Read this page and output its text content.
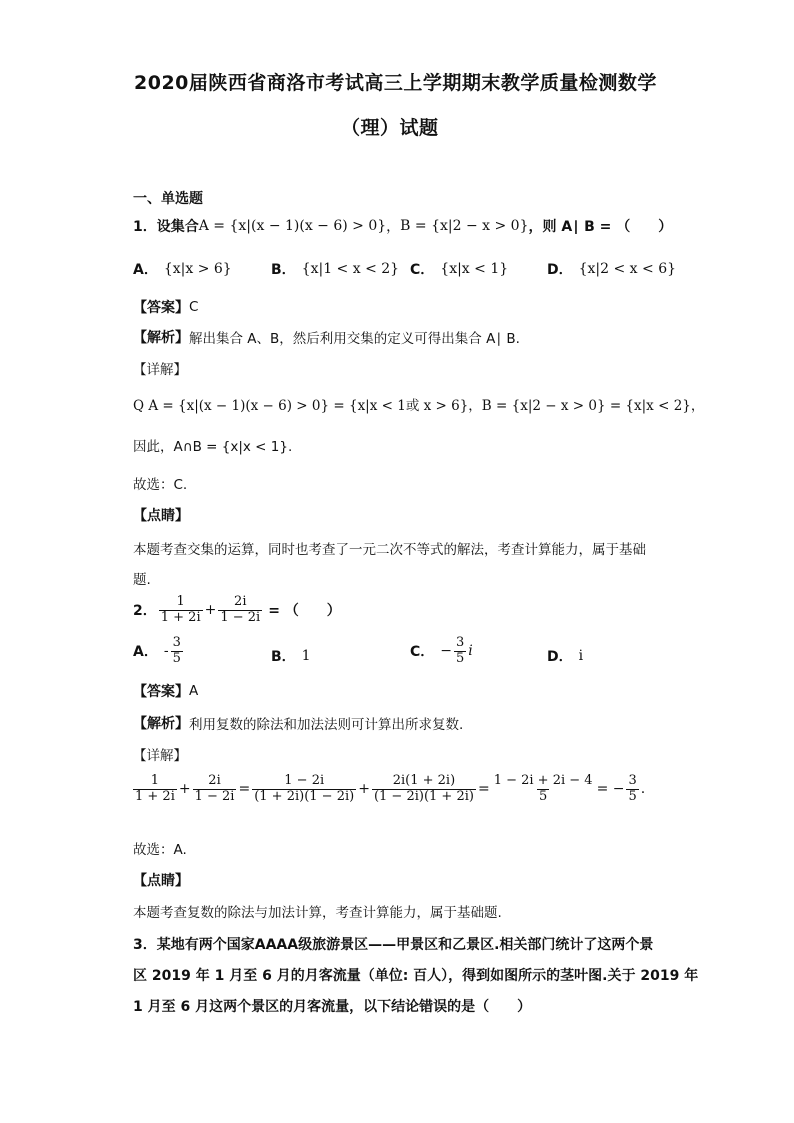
2020届陕西省商洛市考试高三上学期期末教学质量检测数学
（理）试题
一、单选题
1．设集合 A = {x|(x − 1)(x − 6) > 0} ， B = {x|2 − x > 0} ，则 A∣ B = （　　）
A． {x|x > 6}	B． {x|1 < x < 2} C． {x|x < 1}	D． {x|2 < x < 6}
【答案】 C
【解析】 解出集合 A、B，然后利用交集的定义可得出集合 A∣ B.
【详解】
Q A = {x|(x − 1)(x − 6) > 0} = {x|x < 1或 x > 6}，B = {x|2 − x > 0} = {x|x < 2}，
因此，A∩B = {x|x < 1}.
故选：C.
【点睛】
本题考查交集的运算，同时也考查了一元二次不等式的解法，考查计算能力，属于基础
题.
2． $\frac{1}{1 + 2i} + \frac{2i}{1 - 2i}$ = （　　）
A． - $\frac{3}{5}$	B． 1	C． − $\frac{3}{5}$ i	D． i
【答案】 A
【解析】 利用复数的除法和加法法则可计算出所求复数.
【详解】
$\frac{1}{1 + 2i} + \frac{2i}{1 - 2i} = \frac{1 - 2i}{(1 + 2i)(1 - 2i)} + \frac{2i(1 + 2i)}{(1 - 2i)(1 + 2i)} = \frac{1 - 2i + 2i - 4}{5}$ = − $\frac{3}{5}$ .
故选：A.
【点睛】
本题考查复数的除法与加法计算，考查计算能力，属于基础题.
3．某地有两个国家AAAA级旅游景区——甲景区和乙景区.相关部门统计了这两个景
区 2019 年 1 月至 6 月的月客流量（单位: 百人），得到如图所示的茎叶图.关于 2019 年
1 月至 6 月这两个景区的月客流量，以下结论错误的是（　　）
